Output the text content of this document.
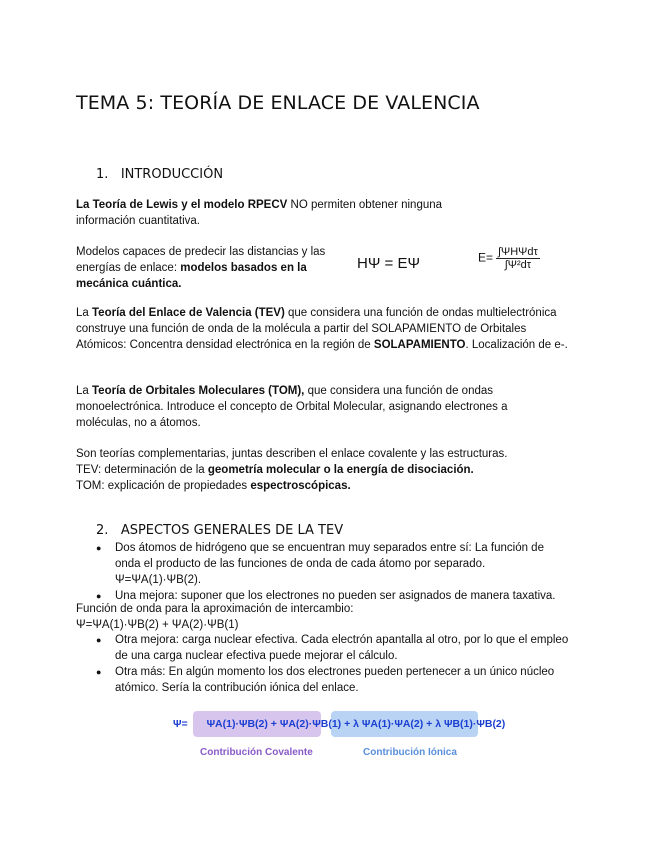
TEMA 5: TEORÍA DE ENLACE DE VALENCIA
1. INTRODUCCIÓN
La Teoría de Lewis y el modelo RPECV NO permiten obtener ninguna información cuantitativa.
Modelos capaces de predecir las distancias y las energías de enlace: modelos basados en la mecánica cuántica.
HΨ = EΨ	$E= \frac{\text{∫ΨHΨdτ}}{\text{∫Ψ²dτ}}$
La Teoría del Enlace de Valencia (TEV) que considera una función de ondas multielectrónica construye una función de onda de la molécula a partir del SOLAPAMIENTO de Orbitales Atómicos: Concentra densidad electrónica en la región de SOLAPAMIENTO. Localización de e-.
La Teoría de Orbitales Moleculares (TOM), que considera una función de ondas monoelectrónica. Introduce el concepto de Orbital Molecular, asignando electrones a moléculas, no a átomos.
Son teorías complementarias, juntas describen el enlace covalente y las estructuras.
TEV: determinación de la geometría molecular o la energía de disociación.
TOM: explicación de propiedades espectroscópicas.
2. ASPECTOS GENERALES DE LA TEV
● Dos átomos de hidrógeno que se encuentran muy separados entre sí: La función de onda el producto de las funciones de onda de cada átomo por separado. Ψ=ΨA(1)·ΨB(2).
● Una mejora: suponer que los electrones no pueden ser asignados de manera taxativa.
Función de onda para la aproximación de intercambio:
Ψ=ΨA(1)·ΨB(2) + ΨA(2)·ΨB(1)
● Otra mejora: carga nuclear efectiva. Cada electrón apantalla al otro, por lo que el empleo de una carga nuclear efectiva puede mejorar el cálculo.
● Otra más: En algún momento los dos electrones pueden pertenecer a un único núcleo atómico. Sería la contribución iónica del enlace.
Ψ= ΨA(1)·ΨB(2) + ΨA(2)·ΨB(1) + λ ΨA(1)·ΨA(2) + λ ΨB(1)·ΨB(2)
Contribución Covalente	Contribución Iónica
